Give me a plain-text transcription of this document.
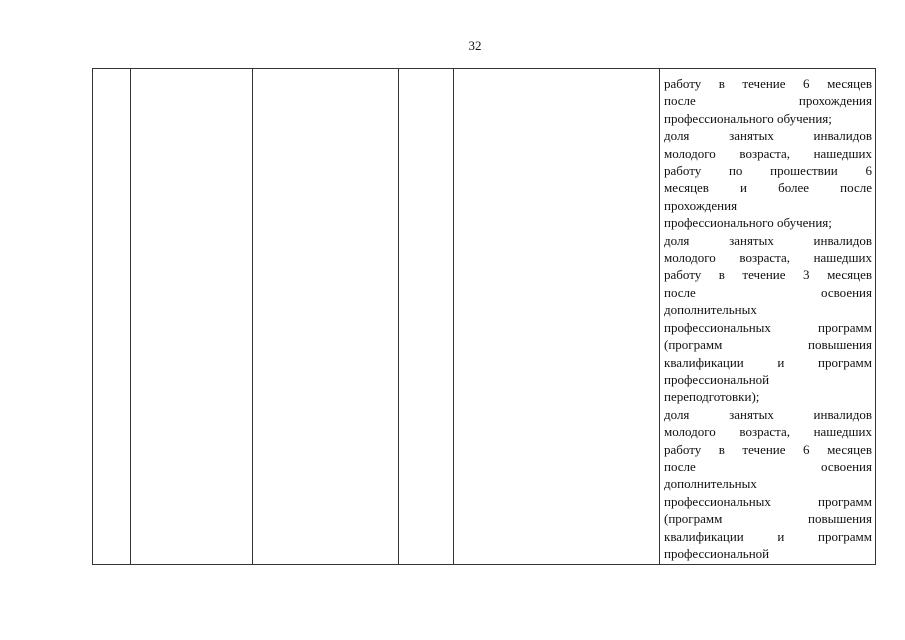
32

работу в течение 6 месяцев
после	прохождения
профессионального обучения;
доля	занятых	инвалидов
молодого возраста, нашедших
работу по прошествии 6
месяцев и более после
прохождения
профессионального обучения;
доля	занятых	инвалидов
молодого возраста, нашедших
работу в течение 3 месяцев
после	освоения
дополнительных
профессиональных	программ
(программ	повышения
квалификации	и	программ
профессиональной
переподготовки);
доля	занятых	инвалидов
молодого возраста, нашедших
работу в течение 6 месяцев
после	освоения
дополнительных
профессиональных	программ
(программ	повышения
квалификации	и	программ
профессиональной
